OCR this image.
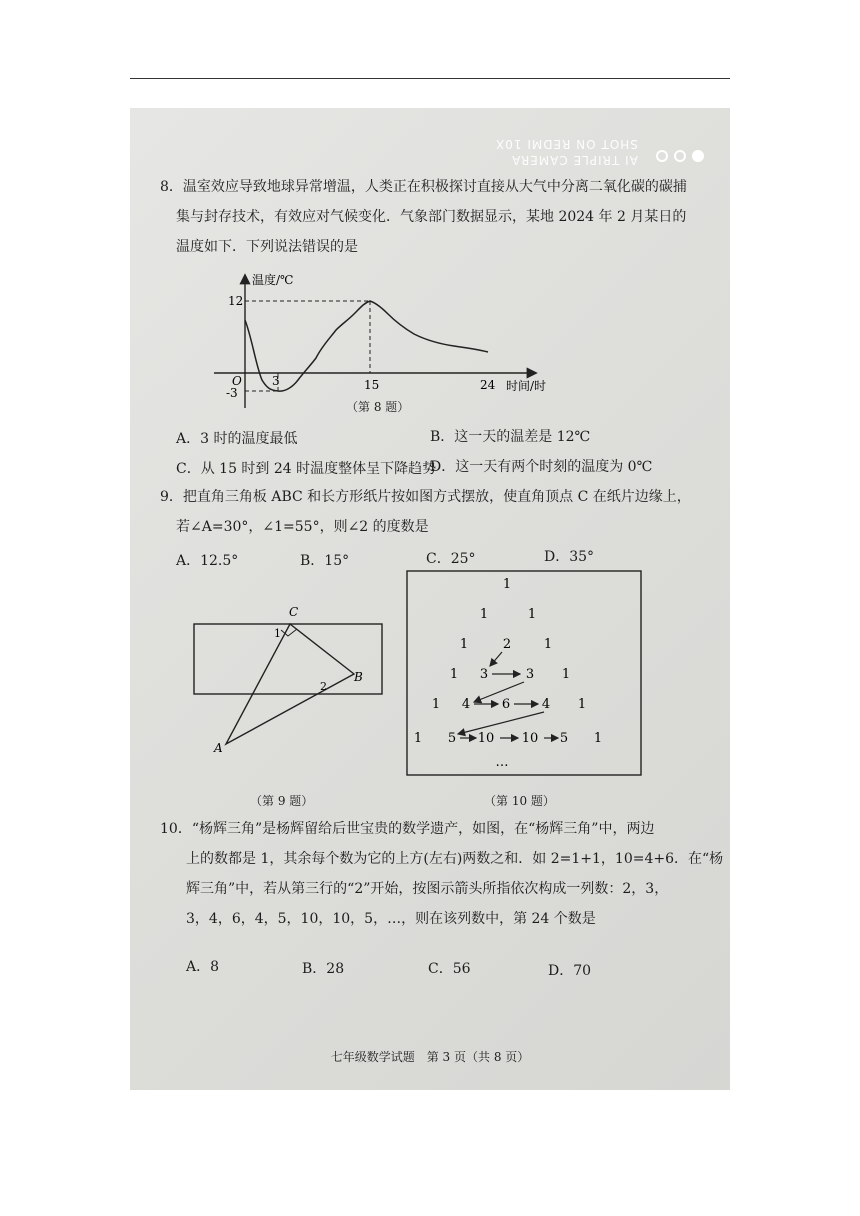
AI TRIPLE CAMERA
SHOT ON REDMI 10X
8．温室效应导致地球异常增温，人类正在积极探讨直接从大气中分离二氧化碳的碳捕
集与封存技术，有效应对气候变化．气象部门数据显示，某地 2024 年 2 月某日的
温度如下．下列说法错误的是
温度/℃
时间/时
12
-3
O	3	15	24
（第 8 题）
A．3 时的温度最低	B．这一天的温差是 12℃
C．从 15 时到 24 时温度整体呈下降趋势
D．这一天有两个时刻的温度为 0℃
9．把直角三角板 ABC 和长方形纸片按如图方式摆放，使直角顶点 C 在纸片边缘上，
若∠A=30°，∠1=55°，则∠2 的度数是
A．12.5°	B．15°	C．25°	D．35°
C
B
A
1
2
（第 9 题）
1
1	1
1	2	1
1 3	3 1
1 4 6 4 1
1 5 10 10 5 1
…
（第 10 题）
10．“杨辉三角”是杨辉留给后世宝贵的数学遗产，如图，在“杨辉三角”中，两边
上的数都是 1，其余每个数为它的上方(左右)两数之和．如 2=1+1，10=4+6．在“杨
辉三角”中，若从第三行的“2”开始，按图示箭头所指依次构成一列数：2，3，
3，4，6，4，5，10，10，5，…，则在该列数中，第 24 个数是
A．8	B．28	C．56	D．70
七年级数学试题　第 3 页（共 8 页）
